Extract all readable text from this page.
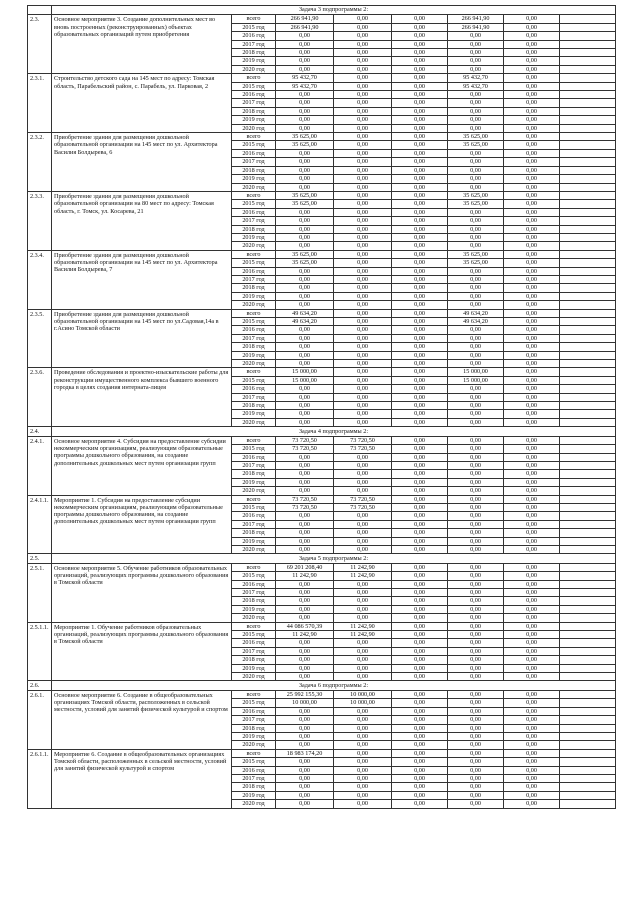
	Задача 3 подпрограммы 2:							
2.3.	Основное мероприятие 3. Создание дополнительных мест во вновь построенных (реконструированных) объектах образовательных организаций путем приобретения	всего	266 941,90	0,00	0,00	266 941,90	0,00	
		2015 год	266 941,90	0,00	0,00	266 941,90	0,00	
		2016 год	0,00	0,00	0,00	0,00	0,00	
		2017 год	0,00	0,00	0,00	0,00	0,00	
		2018 год	0,00	0,00	0,00	0,00	0,00	
		2019 год	0,00	0,00	0,00	0,00	0,00	
		2020 год	0,00	0,00	0,00	0,00	0,00	
2.3.1.	Строительство детского сада на 145 мест по адресу: Томская область, Парабельский район, с. Парабель, ул. Парковая, 2	всего	95 432,70	0,00	0,00	95 432,70	0,00	
		2015 год	95 432,70	0,00	0,00	95 432,70	0,00	
		2016 год	0,00	0,00	0,00	0,00	0,00	
		2017 год	0,00	0,00	0,00	0,00	0,00	
		2018 год	0,00	0,00	0,00	0,00	0,00	
		2019 год	0,00	0,00	0,00	0,00	0,00	
		2020 год	0,00	0,00	0,00	0,00	0,00	
2.3.2.	Приобретение здания для размещения дошкольной образовательной организации на 145 мест по ул. Архитектора Василия Болдырева, 6	всего	35 625,00	0,00	0,00	35 625,00	0,00	
		2015 год	35 625,00	0,00	0,00	35 625,00	0,00	
		2016 год	0,00	0,00	0,00	0,00	0,00	
		2017 год	0,00	0,00	0,00	0,00	0,00	
		2018 год	0,00	0,00	0,00	0,00	0,00	
		2019 год	0,00	0,00	0,00	0,00	0,00	
		2020 год	0,00	0,00	0,00	0,00	0,00	
2.3.3.	Приобретение здания для размещения дошкольной образовательной организации на 80 мест по адресу: Томская область, г. Томск, ул. Косарева, 21	всего	35 625,00	0,00	0,00	35 625,00	0,00	
		2015 год	35 625,00	0,00	0,00	35 625,00	0,00	
		2016 год	0,00	0,00	0,00	0,00	0,00	
		2017 год	0,00	0,00	0,00	0,00	0,00	
		2018 год	0,00	0,00	0,00	0,00	0,00	
		2019 год	0,00	0,00	0,00	0,00	0,00	
		2020 год	0,00	0,00	0,00	0,00	0,00	
2.3.4.	Приобретение здания для размещения дошкольной образовательной организации на 145 мест по ул. Архитектора Василия Болдырева, 7	всего	35 625,00	0,00	0,00	35 625,00	0,00	
		2015 год	35 625,00	0,00	0,00	35 625,00	0,00	
		2016 год	0,00	0,00	0,00	0,00	0,00	
		2017 год	0,00	0,00	0,00	0,00	0,00	
		2018 год	0,00	0,00	0,00	0,00	0,00	
		2019 год	0,00	0,00	0,00	0,00	0,00	
		2020 год	0,00	0,00	0,00	0,00	0,00	
2.3.5.	Приобретение здания для размещения дошкольной образовательной организации на 145 мест по ул.Садовая,14а в г.Асино Томской области	всего	49 634,20	0,00	0,00	49 634,20	0,00	
		2015 год	49 634,20	0,00	0,00	49 634,20	0,00	
		2016 год	0,00	0,00	0,00	0,00	0,00	
		2017 год	0,00	0,00	0,00	0,00	0,00	
		2018 год	0,00	0,00	0,00	0,00	0,00	
		2019 год	0,00	0,00	0,00	0,00	0,00	
		2020 год	0,00	0,00	0,00	0,00	0,00	
2.3.6.	Проведение обследования и проектно-изыскательские работы для реконструкции имущественного комплекса бывшего военного городка в целях создания интерната-лицея	всего	15 000,00	0,00	0,00	15 000,00	0,00	
		2015 год	15 000,00	0,00	0,00	15 000,00	0,00	
		2016 год	0,00	0,00	0,00	0,00	0,00	
		2017 год	0,00	0,00	0,00	0,00	0,00	
		2018 год	0,00	0,00	0,00	0,00	0,00	
		2019 год	0,00	0,00	0,00	0,00	0,00	
		2020 год	0,00	0,00	0,00	0,00	0,00	
2.4.	Задача 4 подпрограммы 2:							
2.4.1.	Основное мероприятие 4. Субсидия на предоставление субсидии некоммерческим организациям, реализующим образовательные программы дошкольного образования, на создание дополнительных дошкольных мест путем организации групп	всего	73 720,50	73 720,50	0,00	0,00	0,00	
		2015 год	73 720,50	73 720,50	0,00	0,00	0,00	
		2016 год	0,00	0,00	0,00	0,00	0,00	
		2017 год	0,00	0,00	0,00	0,00	0,00	
		2018 год	0,00	0,00	0,00	0,00	0,00	
		2019 год	0,00	0,00	0,00	0,00	0,00	
		2020 год	0,00	0,00	0,00	0,00	0,00	
2.4.1.1.	Мероприятие 1. Субсидия на предоставление субсидии некоммерческим организациям, реализующим образовательные программы дошкольного образования, на создание дополнительных дошкольных мест путем организации групп	всего	73 720,50	73 720,50	0,00	0,00	0,00	
		2015 год	73 720,50	73 720,50	0,00	0,00	0,00	
		2016 год	0,00	0,00	0,00	0,00	0,00	
		2017 год	0,00	0,00	0,00	0,00	0,00	
		2018 год	0,00	0,00	0,00	0,00	0,00	
		2019 год	0,00	0,00	0,00	0,00	0,00	
		2020 год	0,00	0,00	0,00	0,00	0,00	
2.5.	Задача 5 подпрограммы 2:							
2.5.1.	Основное мероприятие 5. Обучение работников образовательных организаций, реализующих программы дошкольного образования в Томской области	всего	69 201 208,40	11 242,90	0,00	0,00	0,00	
		2015 год	11 242,90	11 242,90	0,00	0,00	0,00	
		2016 год	0,00	0,00	0,00	0,00	0,00	
		2017 год	0,00	0,00	0,00	0,00	0,00	
		2018 год	0,00	0,00	0,00	0,00	0,00	
		2019 год	0,00	0,00	0,00	0,00	0,00	
		2020 год	0,00	0,00	0,00	0,00	0,00	
2.5.1.1.	Мероприятие 1. Обучение работников образовательных организаций, реализующих программы дошкольного образования в Томской области	всего	44 086 570,39	11 242,90	0,00	0,00	0,00	
		2015 год	11 242,90	11 242,90	0,00	0,00	0,00	
		2016 год	0,00	0,00	0,00	0,00	0,00	
		2017 год	0,00	0,00	0,00	0,00	0,00	
		2018 год	0,00	0,00	0,00	0,00	0,00	
		2019 год	0,00	0,00	0,00	0,00	0,00	
		2020 год	0,00	0,00	0,00	0,00	0,00	
2.6.	Задача 6 подпрограммы 2:							
2.6.1.	Основное мероприятие 6. Создание в общеобразовательных организациях Томской области, расположенных в сельской местности, условий для занятий физической культурой и спортом	всего	25 992 155,30	10 000,00	0,00	0,00	0,00	
		2015 год	10 000,00	10 000,00	0,00	0,00	0,00	
		2016 год	0,00	0,00	0,00	0,00	0,00	
		2017 год	0,00	0,00	0,00	0,00	0,00	
		2018 год	0,00	0,00	0,00	0,00	0,00	
		2019 год	0,00	0,00	0,00	0,00	0,00	
		2020 год	0,00	0,00	0,00	0,00	0,00	
2.6.1.1.	Мероприятие 6. Создание в общеобразовательных организациях Томской области, расположенных в сельской местности, условий для занятий физической культурой и спортом	всего	18 983 174,20	0,00	0,00	0,00	0,00	
		2015 год	0,00	0,00	0,00	0,00	0,00	
		2016 год	0,00	0,00	0,00	0,00	0,00	
		2017 год	0,00	0,00	0,00	0,00	0,00	
		2018 год	0,00	0,00	0,00	0,00	0,00	
		2019 год	0,00	0,00	0,00	0,00	0,00	
		2020 год	0,00	0,00	0,00	0,00	0,00	
